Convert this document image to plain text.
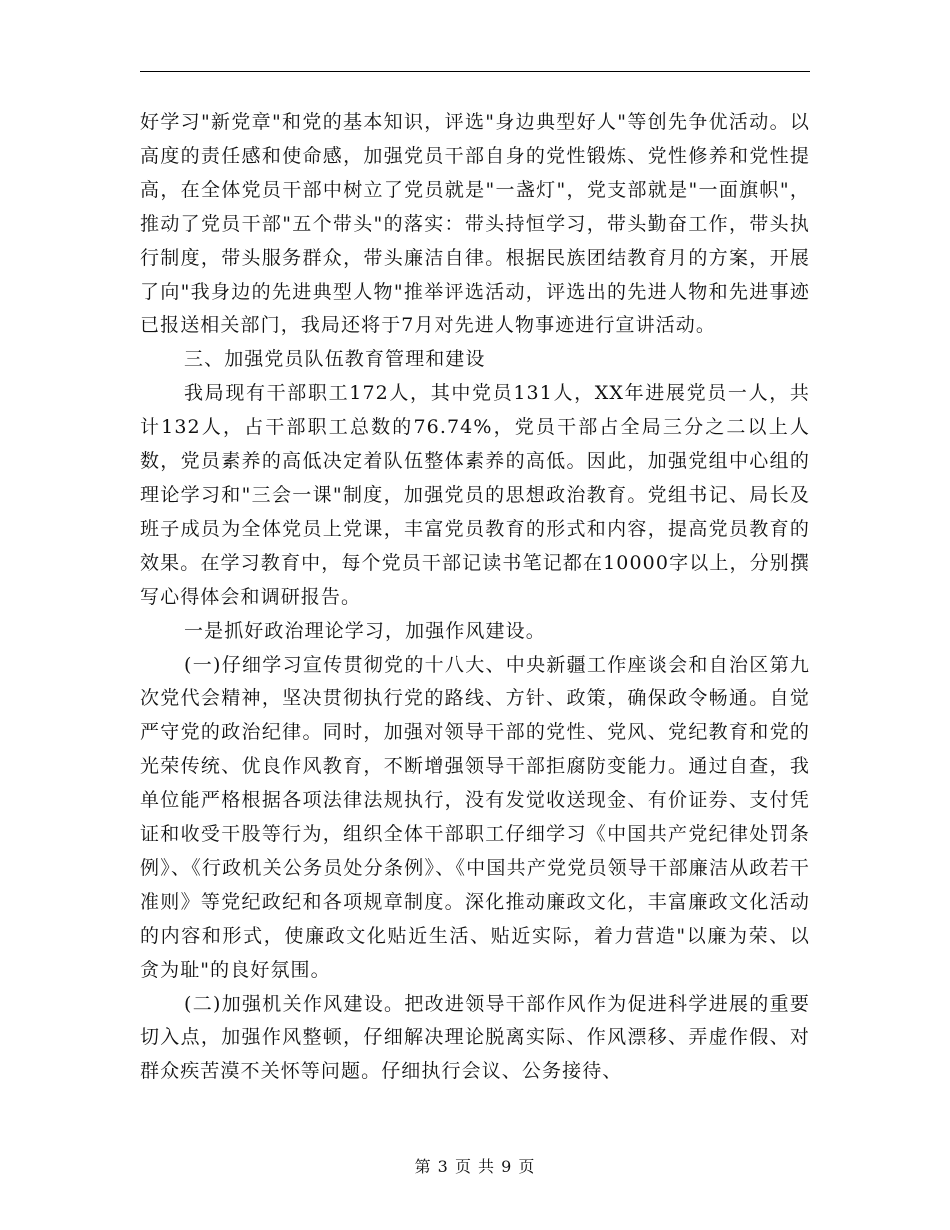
好学习"新党章"和党的基本知识，评选"身边典型好人"等创先争优活动。以高度的责任感和使命感，加强党员干部自身的党性锻炼、党性修养和党性提高，在全体党员干部中树立了党员就是"一盏灯"，党支部就是"一面旗帜"，推动了党员干部"五个带头"的落实：带头持恒学习，带头勤奋工作，带头执行制度，带头服务群众，带头廉洁自律。根据民族团结教育月的方案，开展了向"我身边的先进典型人物"推举评选活动，评选出的先进人物和先进事迹已报送相关部门，我局还将于7月对先进人物事迹进行宣讲活动。

三、加强党员队伍教育管理和建设

我局现有干部职工172人，其中党员131人，XX年进展党员一人，共计132人，占干部职工总数的76.74%，党员干部占全局三分之二以上人数，党员素养的高低决定着队伍整体素养的高低。因此，加强党组中心组的理论学习和"三会一课"制度，加强党员的思想政治教育。党组书记、局长及班子成员为全体党员上党课，丰富党员教育的形式和内容，提高党员教育的效果。在学习教育中，每个党员干部记读书笔记都在10000字以上，分别撰写心得体会和调研报告。

一是抓好政治理论学习，加强作风建设。

(一)仔细学习宣传贯彻党的十八大、中央新疆工作座谈会和自治区第九次党代会精神，坚决贯彻执行党的路线、方针、政策，确保政令畅通。自觉严守党的政治纪律。同时，加强对领导干部的党性、党风、党纪教育和党的光荣传统、优良作风教育，不断增强领导干部拒腐防变能力。通过自查，我单位能严格根据各项法律法规执行，没有发觉收送现金、有价证券、支付凭证和收受干股等行为，组织全体干部职工仔细学习《中国共产党纪律处罚条例》、《行政机关公务员处分条例》、《中国共产党党员领导干部廉洁从政若干准则》等党纪政纪和各项规章制度。深化推动廉政文化，丰富廉政文化活动的内容和形式，使廉政文化贴近生活、贴近实际，着力营造"以廉为荣、以贪为耻"的良好氛围。

(二)加强机关作风建设。把改进领导干部作风作为促进科学进展的重要切入点，加强作风整顿，仔细解决理论脱离实际、作风漂移、弄虚作假、对群众疾苦漠不关怀等问题。仔细执行会议、公务接待、

第 3 页 共 9 页
